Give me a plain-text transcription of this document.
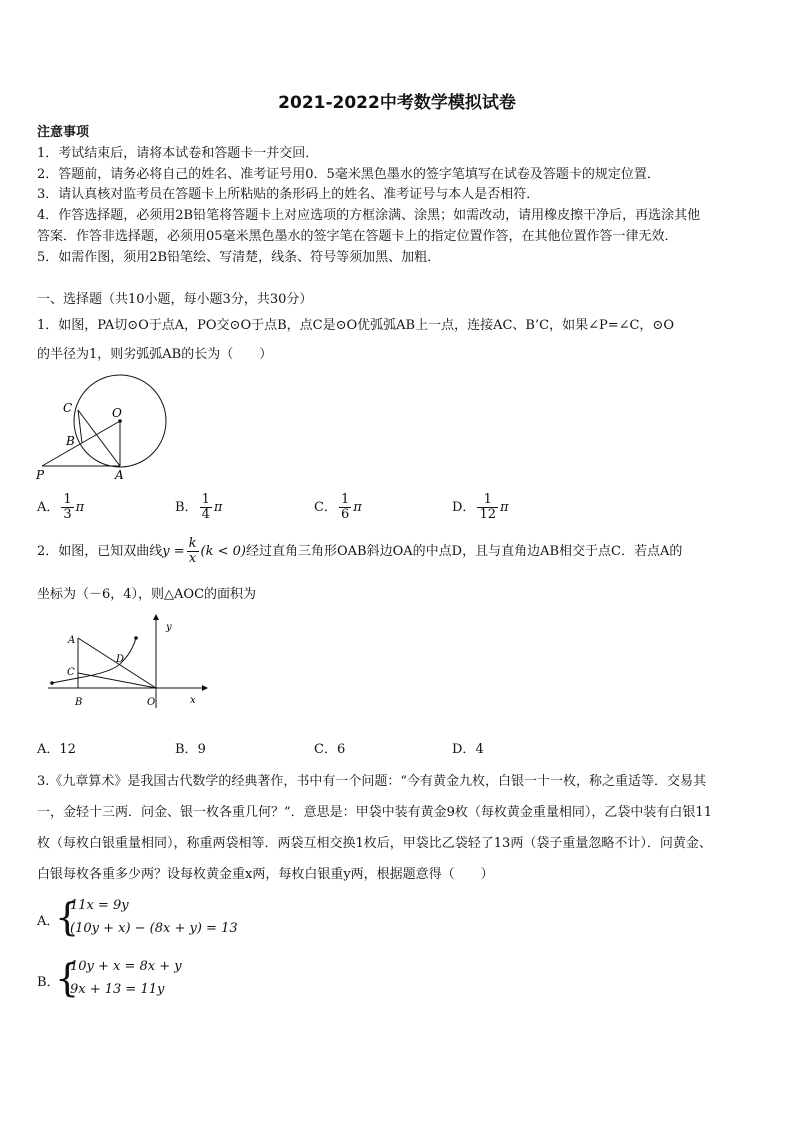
2021-2022中考数学模拟试卷
注意事项
1．考试结束后，请将本试卷和答题卡一并交回．
2．答题前，请务必将自己的姓名、准考证号用0．5毫米黑色墨水的签字笔填写在试卷及答题卡的规定位置．
3．请认真核对监考员在答题卡上所粘贴的条形码上的姓名、准考证号与本人是否相符．
4．作答选择题，必须用2B铅笔将答题卡上对应选项的方框涂满、涂黑；如需改动，请用橡皮擦干净后，再选涂其他
答案．作答非选择题，必须用05毫米黑色墨水的签字笔在答题卡上的指定位置作答，在其他位置作答一律无效．
5．如需作图，须用2B铅笔绘、写清楚，线条、符号等须加黑、加粗．
一、选择题（共10小题，每小题3分，共30分）
1．如图，PA切⊙O于点A，PO交⊙O于点B，点C是⊙O优弧弧AB上一点，连接AC、B’C，如果∠P=∠C，⊙O
的半径为1，则劣弧弧AB的长为（　　）
C	O
B
P	A
A． $\frac{1}{3}$ π	B． $\frac{1}{4}$ π	C． $\frac{1}{6}$ π	D． $\frac{1}{12}$ π
2．如图，已知双曲线$y = \frac{k}{x} (k < 0)$经过直角三角形OAB斜边OA的中点D，且与直角边AB相交于点C．若点A的
坐标为（－6，4），则△AOC的面积为
y
A
D
C
B	O	x
A．12	B．9	C．6	D．4
3.《九章算术》是我国古代数学的经典著作，书中有一个问题：“今有黄金九枚，白银一十一枚，称之重适等．交易其
一，金轻十三两．问金、银一枚各重几何？”．意思是：甲袋中装有黄金9枚（每枚黄金重量相同），乙袋中装有白银11
枚（每枚白银重量相同），称重两袋相等．两袋互相交换1枚后，甲袋比乙袋轻了13两（袋子重量忽略不计）．问黄金、
白银每枚各重多少两？设每枚黄金重x两，每枚白银重y两，根据题意得（　　）
A．
{
11x = 9y
(10y + x) − (8x + y) = 13
B．
{
10y + x = 8x + y
9x + 13 = 11y
